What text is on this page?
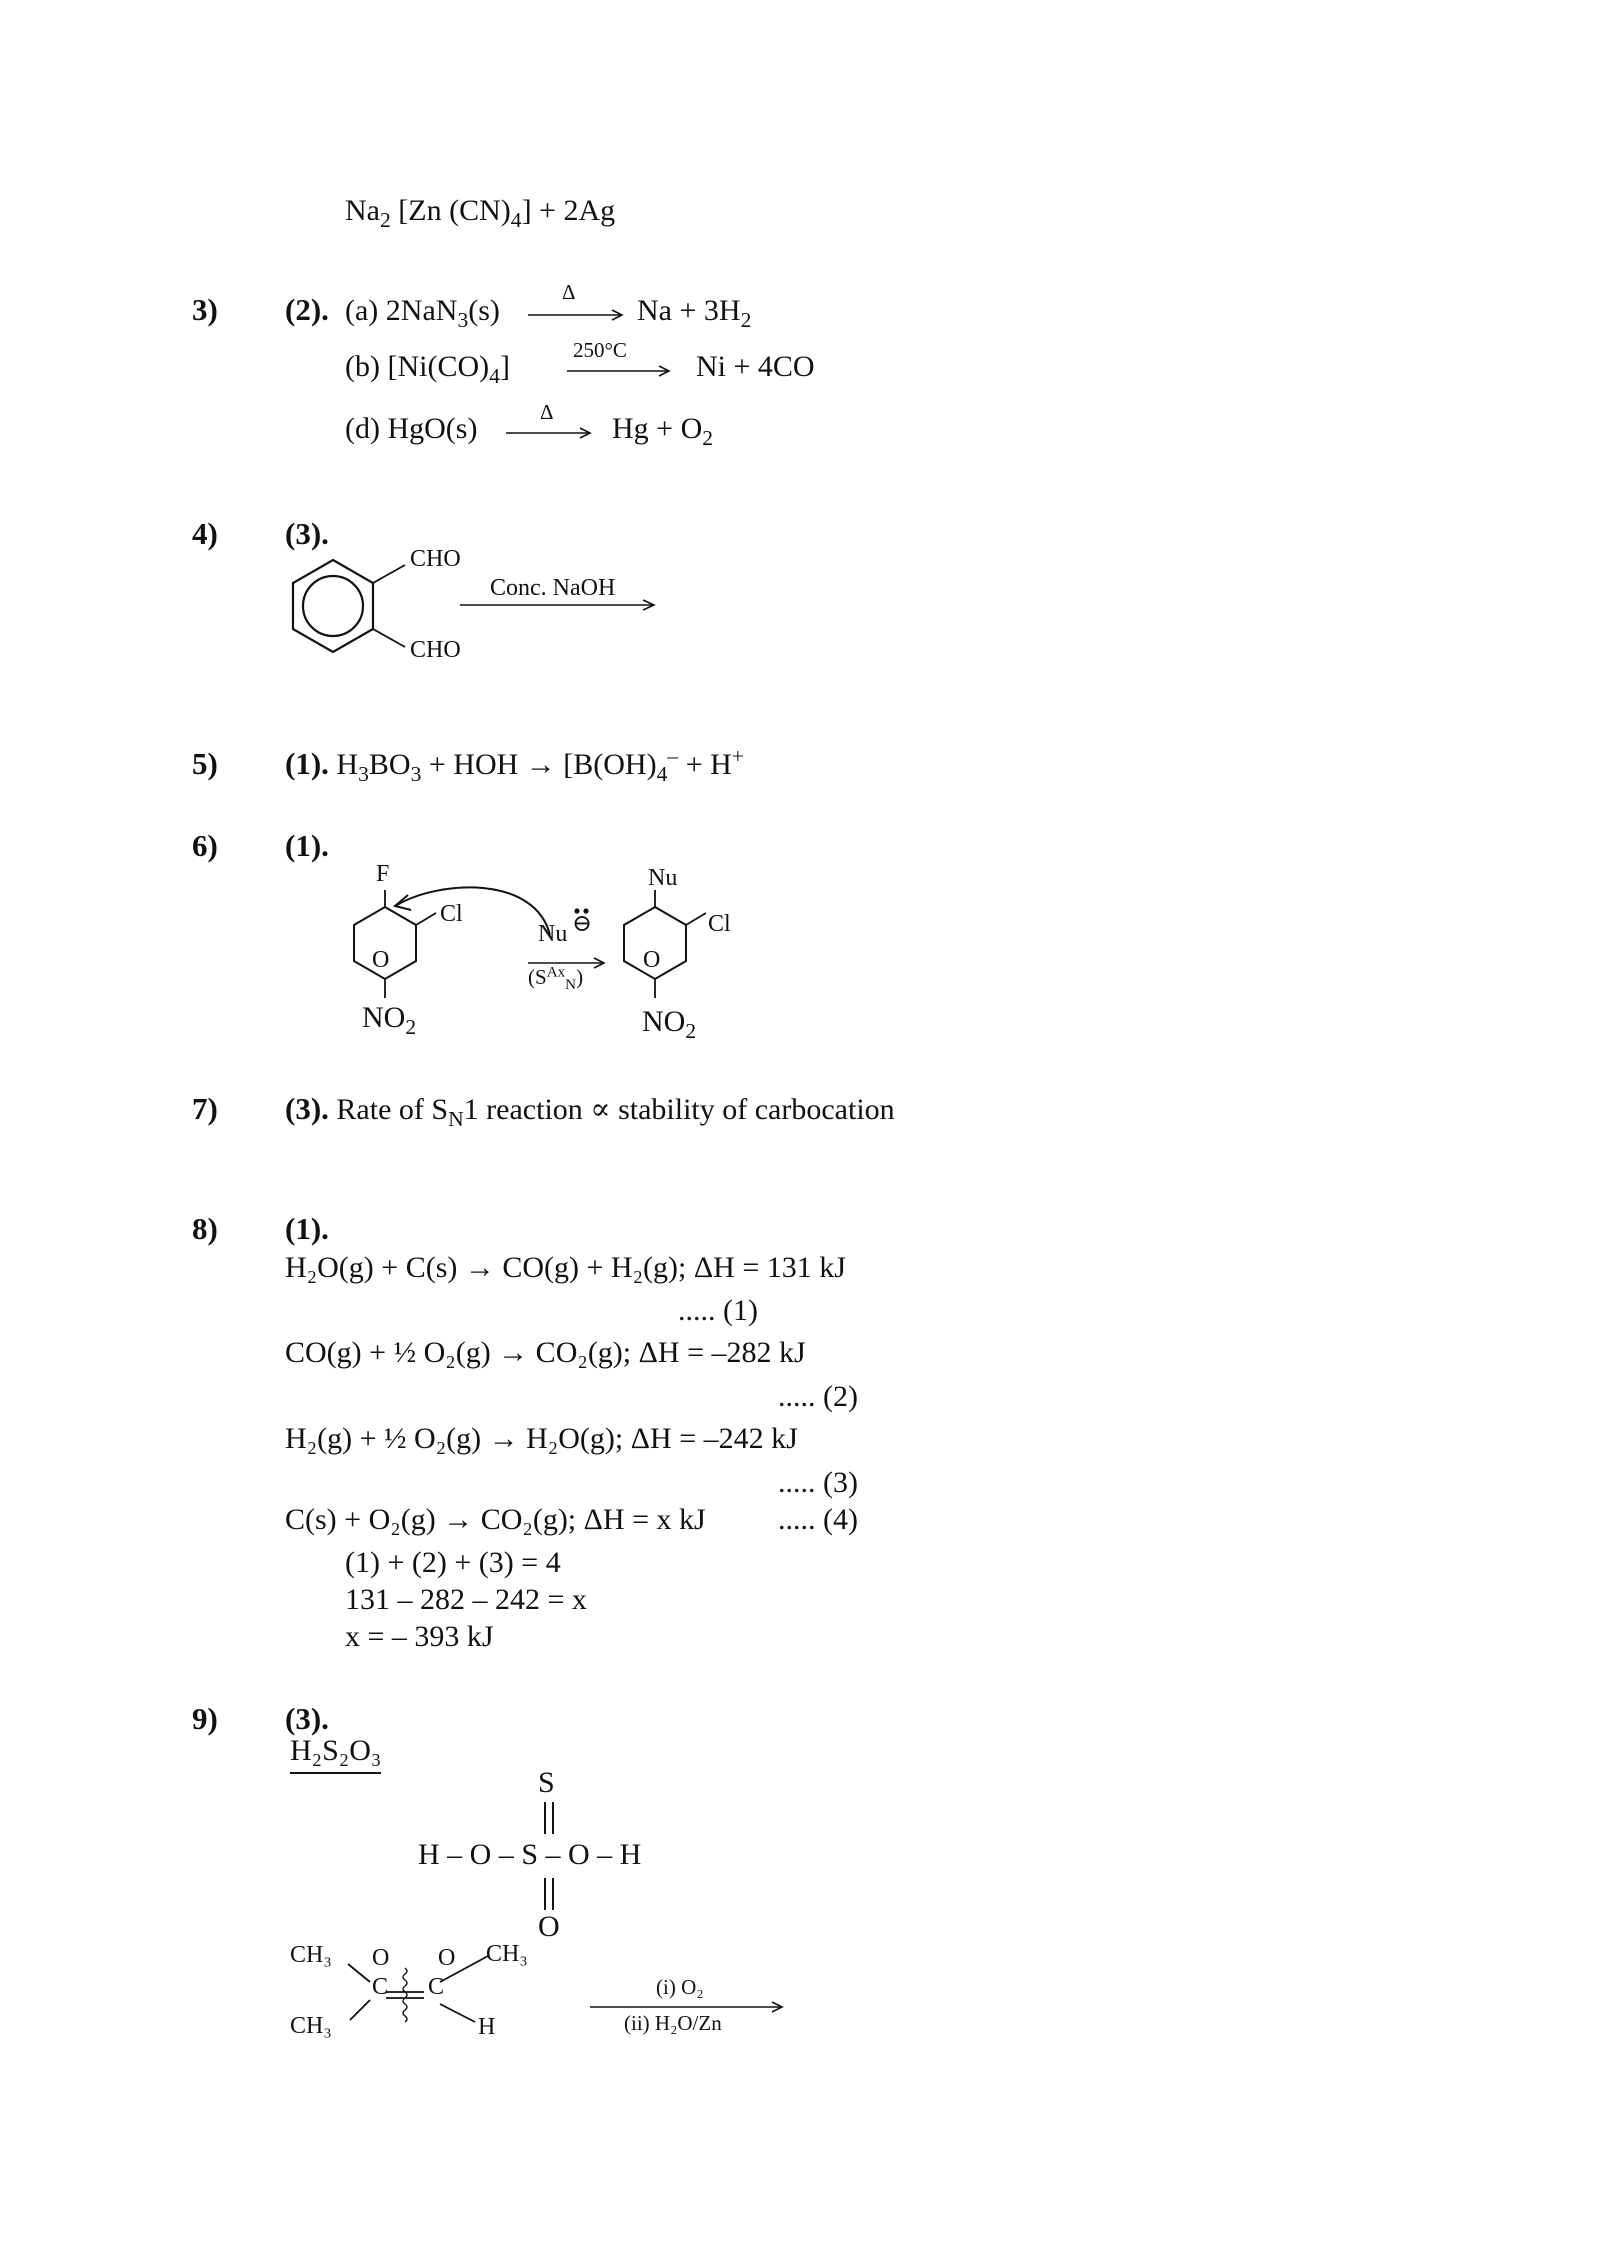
$Na_2$ [Zn $(CN)_4] + 2Ag$
3) (2). (a) 2NaN$_3$(s)
Δ
$Na + 3H_2$
(b) $[Ni(CO)_4]$	250°C Ni + 4CO
(d) HgO(s)	Δ $Hg + O_2$
4) (3).
CHO
CHO
Conc. NaOH
5) (1). $H_3BO_3$ + HOH → [$B(OH)_4^- + H^+$
6) (1).
F
Cl
O
$NO_2$
Nu ⊖
$(S^{Ax}_N)$
Nu
Cl
O
$NO_2$
7) (3). Rate of $S_N1$ reaction ∝ stability of carbocation
8) (1).
H₂O(g) + C(s) → CO(g) + H₂(g); ΔH = 131 kJ
..... (1)
CO(g) + ½ O₂(g) → CO₂(g); ΔH = –282 kJ
..... (2)
H₂(g) + ½ O₂(g) → H₂O(g); ΔH = –242 kJ
..... (3)
C(s) + O₂(g) → CO₂(g); ΔH = x kJ ..... (4)
(1) + (2) + (3) = 4
131 – 282 – 242 = x
x = – 393 kJ
9) (3).
H₂S₂O₃
S
H – O – S – O – H
O
CH₃
CH₃
CH₃
O O
C C
H
(i) O₂
(ii) H₂O/Zn
